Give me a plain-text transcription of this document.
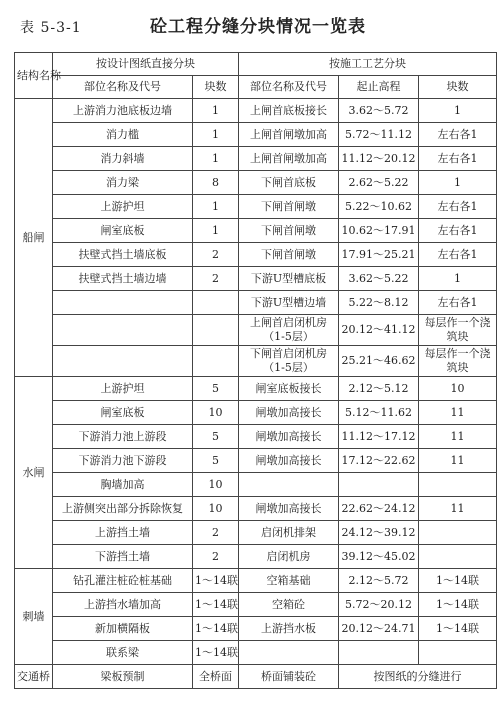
表 5-3-1	砼工程分缝分块情况一览表
结构名称	按设计图纸直接分块		按施工工艺分块		
	部位名称及代号	块数	部位名称及代号	起止高程	块数
船闸	上游消力池底板边墙	1	上闸首底板接长	3.62～5.72	1
	消力槛	1	上闸首闸墩加高	5.72～11.12	左右各1
	消力斜墙	1	上闸首闸墩加高	11.12～20.12	左右各1
	消力梁	8	下闸首底板	2.62～5.22	1
	上游护坦	1	下闸首闸墩	5.22～10.62	左右各1
	闸室底板	1	下闸首闸墩	10.62～17.91	左右各1
	扶壁式挡土墙底板	2	下闸首闸墩	17.91～25.21	左右各1
	扶壁式挡土墙边墙	2	下游U型槽底板	3.62～5.22	1
			下游U型槽边墙	5.22～8.12	左右各1
			上闸首启闭机房（1-5层）	20.12～41.12	每层作一个浇筑块
			下闸首启闭机房（1-5层）	25.21～46.62	每层作一个浇筑块
水闸	上游护坦	5	闸室底板接长	2.12～5.12	10
	闸室底板	10	闸墩加高接长	5.12～11.62	11
	下游消力池上游段	5	闸墩加高接长	11.12～17.12	11
	下游消力池下游段	5	闸墩加高接长	17.12～22.62	11
	胸墙加高	10			
	上游侧突出部分拆除恢复	10	闸墩加高接长	22.62～24.12	11
	上游挡土墙	2	启闭机排架	24.12～39.12	
	下游挡土墙	2	启闭机房	39.12～45.02	
刺墙	钻孔灌注桩砼桩基础	1～14联	空箱基础	2.12～5.72	1～14联
	上游挡水墙加高	1～14联	空箱砼	5.72～20.12	1～14联
	新加横隔板	1～14联	上游挡水板	20.12～24.71	1～14联
	联系梁	1～14联			
交通桥	梁板预制	全桥面	桥面铺装砼	按图纸的分缝进行	
